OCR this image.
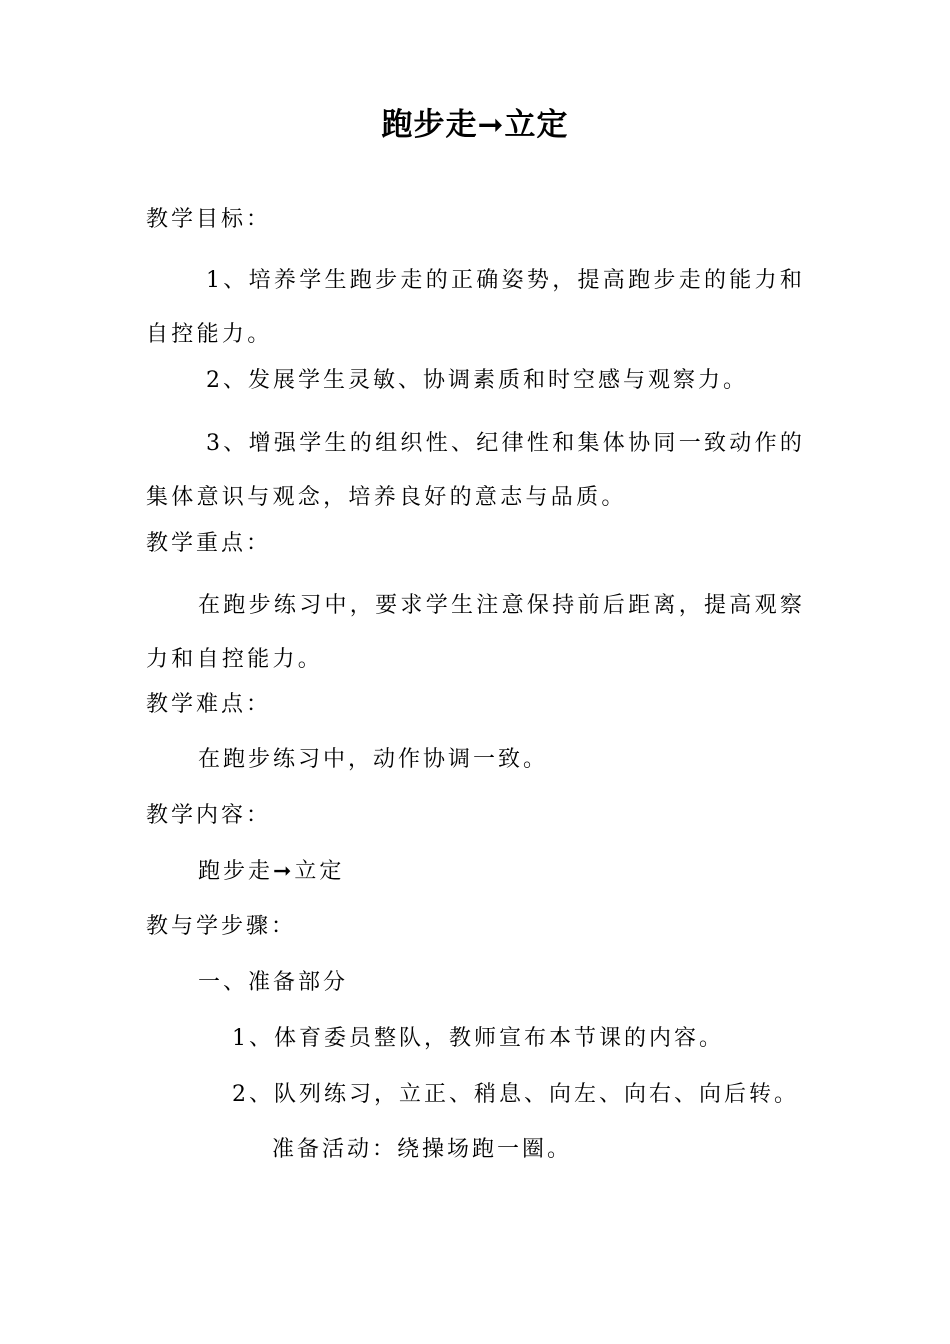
跑步走➞立定
教学目标：
1、培养学生跑步走的正确姿势，提高跑步走的能力和自控能力。
2、发展学生灵敏、协调素质和时空感与观察力。
3、增强学生的组织性、纪律性和集体协同一致动作的集体意识与观念，培养良好的意志与品质。
教学重点：
在跑步练习中，要求学生注意保持前后距离，提高观察力和自控能力。
教学难点：
在跑步练习中，动作协调一致。
教学内容：
跑步走➞立定
教与学步骤：
一、准备部分
1、体育委员整队，教师宣布本节课的内容。
2、队列练习，立正、稍息、向左、向右、向后转。
准备活动：绕操场跑一圈。
